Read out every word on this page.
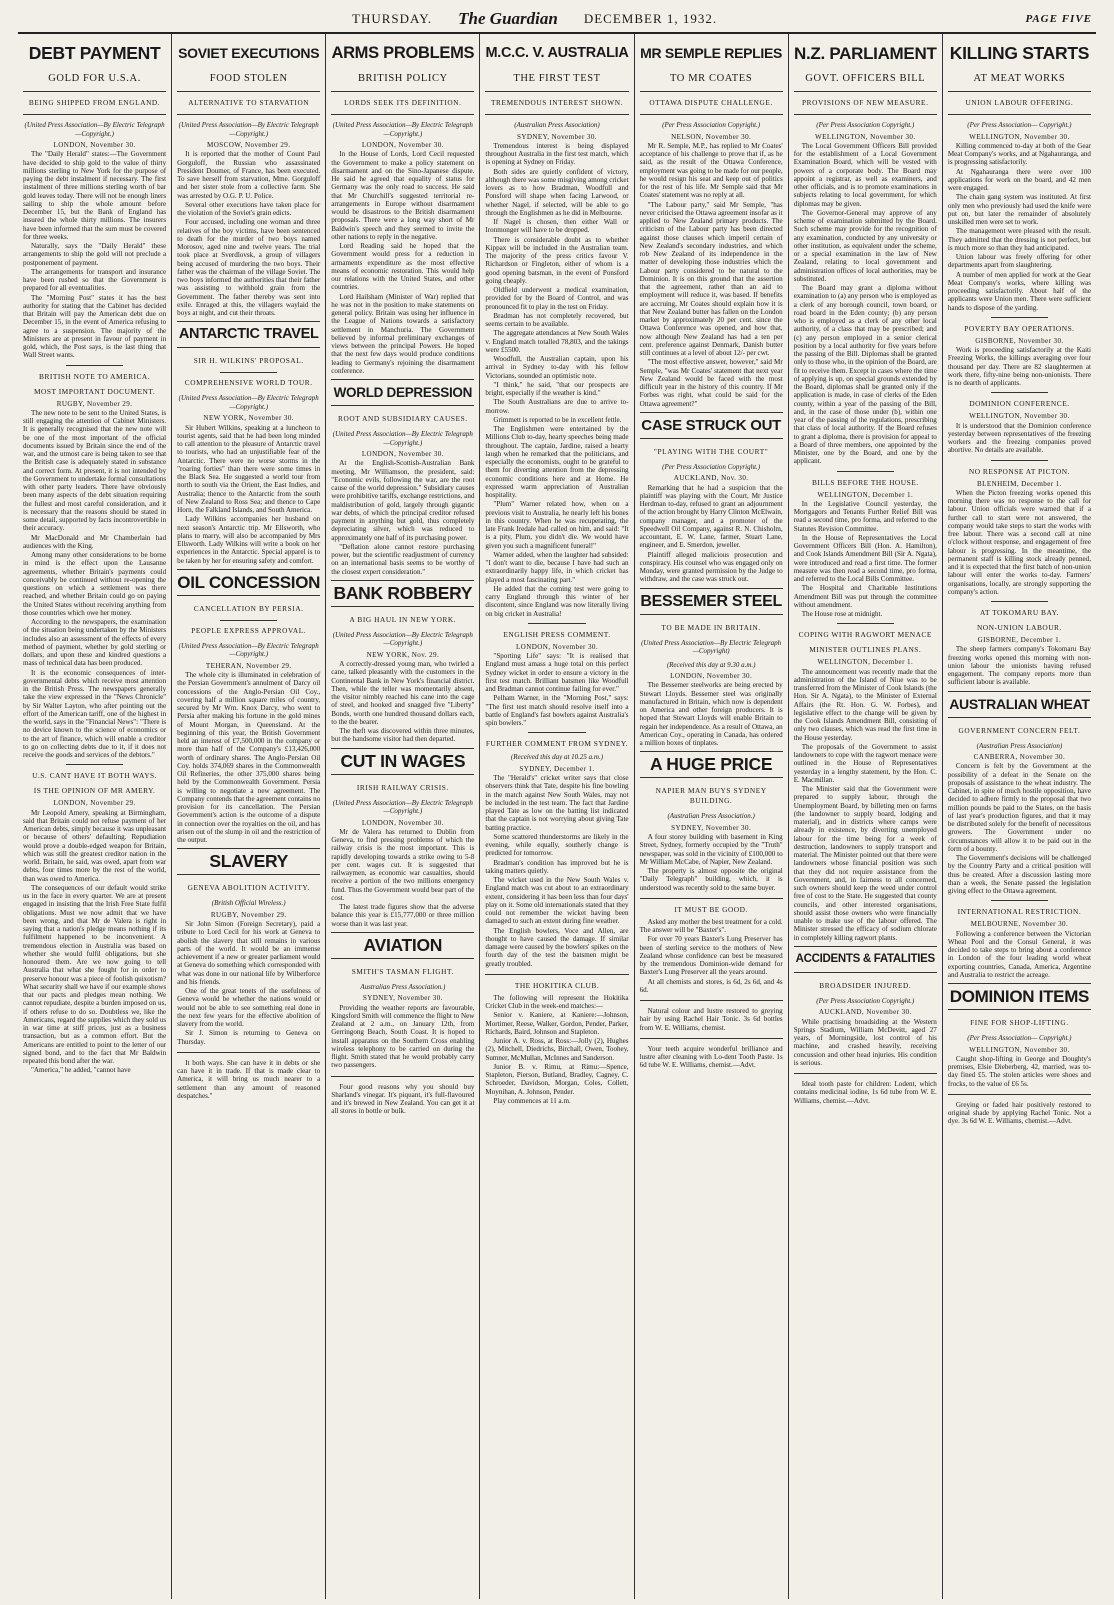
THURSDAY. The Guardian DECEMBER 1, 1932.	PAGE FIVE
DEBT PAYMENT
GOLD FOR U.S.A.
BEING SHIPPED FROM ENGLAND.
(United Press Association—By Electric Telegraph—Copyright.)
LONDON, November 30.

The "Daily Herald" states:—The Government have decided to ship gold to the value of thirty millions sterling to New York for the purpose of paying the debt instalment if necessary. The first instalment of three millions sterling worth of bar gold leaves today. There will not be enough liners sailing to ship the whole amount before December 15, but the Bank of England has insured the whole thirty millions. The insurers have been informed that the sum must be covered for three weeks.

Naturally, says the "Daily Herald" these arrangements to ship the gold will not preclude a postponement of payment.

The arrangements for transport and insurance have been rushed so that the Government is prepared for all eventualities.

The "Morning Post" states it has the best authority for stating that the Cabinet has decided that Britain will pay the American debt due on December 15, in the event of America refusing to agree to a suspension. The majority of the Ministers are at present in favour of payment in gold, which, the Post says, is the last thing that Wall Street wants.

BRITISH NOTE TO AMERICA.
MOST IMPORTANT DOCUMENT.
RUGBY, November 29.

The new note to be sent to the United States, is still engaging the attention of Cabinet Ministers. It is generally recognised that the new note will be one of the most important of the official documents issued by Britain since the end of the war, and the utmost care is being taken to see that the British case is adequately stated in substance and correct form. At present, it is not intended by the Government to undertake formal consultations with other party leaders. There have obviously been many aspects of the debt situation requiring the fullest and most careful consideration, and it is necessary that the reasons should be stated in some detail, supported by facts incontrovertible in their accuracy.

Mr MacDonald and Mr Chamberlain had audiences with the King.

Among many other considerations to be borne in mind is the effect upon the Lausanne agreements, whether Britain's payments could conceivably be continued without re-opening the questions on which a settlement was there reached, and whether Britain could go on paying the United States without receiving anything from those countries which owe her money.

According to the newspapers, the examination of the situation being undertaken by the Ministers includes also an assessment of the effects of every method of payment, whether by gold sterling or dollars, and upon these and kindred questions a mass of technical data has been produced.

It is the economic consequences of inter-governmental debts which receive most attention in the British Press. The newspapers generally take the view expressed in the "News Chronicle" by Sir Walter Layton, who after pointing out the effort of the American tariff, one of the highest in the world, says in the "Financial News": "There is no device known to the science of economics or to the art of finance, which will enable a creditor to go on collecting debts due to it, if it does not receive the goods and services of the debtors."

U.S. CANT HAVE IT BOTH WAYS.
IS THE OPINION OF MR AMERY.
LONDON, November 29.

Mr Leopold Amery, speaking at Birmingham, said that Britain could not refuse payment of her American debts, simply because it was unpleasant or because of others' defaulting. Repudiation would prove a double-edged weapon for Britain, which was still the greatest creditor nation in the world. Britain, he said, was owed, apart from war debts, four times more by the rest of the world, than was owed to America.

The consequences of our default would strike us in the face in every quarter. We are at present engaged in insisting that the Irish Free State fulfil obligations. Must we now admit that we have been wrong, and that Mr de Valera is right in saying that a nation's pledge means nothing if its fulfilment happened to be inconvenient. A tremendous election in Australia was based on whether she would fulfil obligations, but she honoured them. Are we now going to tell Australia that what she fought for in order to preserve honour was a piece of foolish quixotism? What security shall we have if our example shows that our pacts and pledges mean nothing. We cannot repudiate, despite a burden imposed on us, if others refuse to do so. Doubtless we, like the Americans, regard the supplies which they sold us in war time at stiff prices, just as a business transaction, but as a common effort. But the Americans are entitled to point to the letter of our signed bond, and to the fact that Mr Baldwin repeated this bond after the war.

"America," he added, "cannot have

SOVIET EXECUTIONS
FOOD STOLEN
ALTERNATIVE TO STARVATION
(United Press Association—By Electric Telegraph—Copyright.)
MOSCOW, November 29.

It is reported that the mother of Count Paul Gorguloff, the Russian who assassinated President Doumer, of France, has been executed. To save herself from starvation, Mme. Gorguloff and her sister stole from a collective farm. She was arrested by O.G. P. U. Police.

Several other executions have taken place for the violation of the Soviet's grain edicts.

Four accused, including one woman and three relatives of the boy victims, have been sentenced to death for the murder of two boys named Morosov, aged nine and twelve years. The trial took place at Sverdlovsk, a group of villagers being accused of murdering the two boys. Their father was the chairman of the village Soviet. The two boys informed the authorities that their father was assisting to withhold grain from the Government. The father thereby was sent into exile. Enraged at this, the villagers waylaid the boys at night, and cut their throats.

ANTARCTIC TRAVEL
SIR H. WILKINS' PROPOSAL.
COMPREHENSIVE WORLD TOUR.
(United Press Association—By Electric Telegraph—Copyright.)
NEW YORK, November 30.

Sir Hubert Wilkins, speaking at a luncheon to tourist agents, said that he had been long minded to call attention to the pleasure of Antarctic travel to tourists, who had an unjustifiable fear of the Antarctic. There were no worse storms in the "roaring forties" than there were some times in the Black Sea. He suggested a world tour from north to south via the Orient, the East Indies, and Australia; thence to the Antarctic from the south of New Zealand to Ross Sea; and thence to Cape Horn, the Falkland Islands, and South America.

Lady Wilkins accompanies her husband on next season's Antarctic trip. Mr Ellsworth, who plans to marry, will also be accompanied by Mrs Ellsworth. Lady Wilkins will write a book on her experiences in the Antarctic. Special apparel is to be taken by her for ensuring safety and comfort.

OIL CONCESSION
CANCELLATION BY PERSIA.
PEOPLE EXPRESS APPROVAL.
(United Press Association—By Electric Telegraph—Copyright.)
TEHERAN, November 29.

The whole city is illuminated in celebration of the Persian Government's annulment of Darcy oil concessions of the Anglo-Persian Oil Coy., covering half a million square miles of country, secured by Mr Wm. Knox Darcy, who went to Persia after making his fortune in the gold mines of Mount Morgan, in Queensland. At the beginning of this year, the British Government held an interest of £7,500,000 in the company or more than half of the Company's £13,426,000 worth of ordinary shares. The Anglo-Persian Oil Coy. holds 374,069 shares in the Commonwealth Oil Refineries, the other 375,000 shares being held by the Commonwealth Government. Persia is willing to negotiate a new agreement. The Company contends that the agreement contains no provision for its cancellation. The Persian Government's action is the outcome of a dispute in connection over the royalties on the oil, and has arisen out of the slump in oil and the restriction of the output.

SLAVERY
GENEVA ABOLITION ACTIVITY.
(British Official Wireless.)
RUGBY, November 29.

Sir John Simon (Foreign Secretary), paid a tribute to Lord Cecil for his work at Geneva to abolish the slavery that still remains in various parts of the world. It would be an immense achievement if a new or greater parliament would at Geneva do something which corresponded with what was done in our national life by Wilberforce and his friends.

One of the great tenets of the usefulness of Geneva would be whether the nations would or would not be able to see something real done in the next few years for the effective abolition of slavery from the world.

Sir J. Simon is returning to Geneva on Thursday.

It both ways. She can have it in debts or she can have it in trade. If that is made clear to America, it will bring us much nearer to a settlement than any amount of reasoned despatches."

ARMS PROBLEMS
BRITISH POLICY
LORDS SEEK ITS DEFINITION.
(United Press Association—By Electric Telegraph—Copyright.)
LONDON, November 30.

In the House of Lords, Lord Cecil requested the Government to make a policy statement on disarmament and on the Sino-Japanese dispute. He said he agreed that equality of status for Germany was the only road to success. He said that Mr Churchill's suggested territorial re-arrangements in Europe without disarmament would be disastrous to the British disarmament proposals. There were a long way short of Mr Baldwin's speech and they seemed to invite the other nations to reply in the negative.

Lord Reading said he hoped that the Government would press for a reduction in armaments expenditure as the most effective means of economic restoration. This would help our relations with the United States, and other countries.

Lord Hailsham (Minister of War) replied that he was not in the position to make statements on general policy. Britain was using her influence in the League of Nations towards a satisfactory settlement in Manchuria. The Government believed by informal preliminary exchanges of views between the principal Powers. He hoped that the next few days would produce conditions leading to Germany's rejoining the disarmament conference.

WORLD DEPRESSION
ROOT AND SUBSIDIARY CAUSES.
(United Press Association—By Electric Telegraph—Copyright.)
LONDON, November 30.

At the English-Scottish-Australian Bank meeting, Mr Williamson, the president, said: "Economic evils, following the war, are the root cause of the world depression." Subsidiary causes were prohibitive tariffs, exchange restrictions, and maldistribution of gold, largely through gigantic war debts, of which the principal creditor refused payment in anything but gold, thus completely depreciating silver, which was reduced to approximately one half of its purchasing power.

"Deflation alone cannot restore purchasing power, but the scientific readjustment of currency on an international basis seems to be worthy of the closest expert consideration."

BANK ROBBERY
A BIG HAUL IN NEW YORK.
(United Press Association—By Electric Telegraph—Copyright.)
NEW YORK, Nov. 29.

A correctly-dressed young man, who twirled a cane, talked pleasantly with the customers in the Continental Bank in New York's financial district. Then, while the teller was momentarily absent, the visitor nimbly reached his cane into the cage of steel, and hooked and snagged five "Liberty" Bonds, worth one hundred thousand dollars each, to the the bearer.

The theft was discovered within three minutes, but the handsome visitor had then departed.

CUT IN WAGES
IRISH RAILWAY CRISIS.
(United Press Association—By Electric Telegraph—Copyright.)
LONDON, November 30.

Mr de Valera has returned to Dublin from Geneva, to find pressing problems of which the railway crisis is the most important. This is rapidly developing towards a strike owing to 5-8 per cent. wages cut. It is suggested that railwaymen, as economic war casualties, should receive a portion of the two millions emergency fund. Thus the Government would bear part of the cost.

The latest trade figures show that the adverse balance this year is £15,777,000 or three million worse than it was last year.

AVIATION
SMITH'S TASMAN FLIGHT.
Australian Press Association.)
SYDNEY, November 30.

Providing the weather reports are favourable, Kingsford Smith will commence the flight to New Zealand at 2 a.m., on January 12th, from Gerringong Beach, South Coast. It is hoped to install apparatus on the Southern Cross enabling wireless telephony to be carried on during the flight. Smith stated that he would probably carry two passengers.

Four good reasons why you should buy Sharland's vinegar. It's piquant, it's full-flavoured and it's brewed in New Zealand. You can get it at all stores in bottle or bulk.

M.C.C. V. AUSTRALIA
THE FIRST TEST
TREMENDOUS INTEREST SHOWN.
(Australian Press Association)
SYDNEY, November 30.

Tremendous interest is being displayed throughout Australia in the first test match, which is opening at Sydney on Friday.

Both sides are quietly confident of victory, although there was some misgiving among cricket lovers as to how Bradman, Woodfull and Ponsford will shape when facing Larwood, or whether Nagel, if selected, will be able to go through the Englishmen as he did in Melbourne.

If Nagel is chosen, then either Wall or Ironmonger will have to be dropped.

There is considerable doubt as to whether Kippax will be included in the Australian team. The majority of the press critics favour V. Richardson or Fingleton, either of whom is a good opening batsman, in the event of Ponsford going cheaply.

Oldfield underwent a medical examination, provided for by the Board of Control, and was pronounced fit to play in the test on Friday.

Bradman has not completely recovered, but seems certain to be available.

The aggregate attendances at New South Wales v. England match totalled 78,803, and the takings were £5500.

Woodfull, the Australian captain, upon his arrival in Sydney to-day with his fellow Victorians, sounded an optimistic note.

"I think," he said, "that our prospects are bright, especially if the weather is kind."

The South Australians are due to arrive to-morrow.

Grimmett is reported to be in excellent fettle.

The Englishmen were entertained by the Millions Club to-day, hearty speeches being made throughout. The captain, Jardine, raised a hearty laugh when he remarked that the politicians, and especially the economists, ought to be grateful to them for diverting attention from the depressing economic conditions here and at Home. He expressed warm appreciation of Australian hospitality.

"Plum" Warner related how, when on a previous visit to Australia, he nearly left his bones in this country. When he was recuperating, the late Frank Iredale had called on him, and said: "It is a pity, Plum, you didn't die. We would have given you such a magnificent funeral!"

Warner added, when the laughter had subsided: "I don't want to die, because I have had such an extraordinarily happy life, in which cricket has played a most fascinating part."

He added that the coming test were going to carry England through this winter of her discontent, since England was now literally living on big cricket in Australia!

ENGLISH PRESS COMMENT.
LONDON, November 30.

"Sporting Life" says: "It is realised that England must amass a huge total on this perfect Sydney wicket in order to ensure a victory in the first test match. Brilliant batsmen like Woodfull and Bradman cannot continue failing for ever."

Pelham Warner, in the "Morning Post," says: "The first test match should resolve itself into a battle of England's fast bowlers against Australia's spin bowlers."

FURTHER COMMENT FROM SYDNEY.
(Received this day at 10.25 a.m.)
SYDNEY, December 1.

The "Herald's" cricket writer says that close observers think that Tate, despite his fine bowling in the match against New South Wales, may not be included in the test team. The fact that Jardine played Tate as low on the batting list indicated that the captain is not worrying about giving Tate batting practice.

Some scattered thunderstorms are likely in the evening, while equally, southerly change is predicted for tomorrow.

Bradman's condition has improved but he is taking matters quietly.

The wicket used in the New South Wales v. England match was cut about to an extraordinary extent, considering it has been less than four days' play on it. Some old internationals stated that they could not remember the wicket having been damaged to such an extent during fine weather.

The English bowlers, Voce and Allen, are thought to have caused the damage. If similar damage were caused by the bowlers' spikes on the fourth day of the test the batsmen might be greatly troubled.

THE HOKITIKA CLUB.

The following will represent the Hokitika Cricket Club in the week-end matches:—

Senior v. Kaniere, at Kaniere:—Johnson, Mortimer, Reese, Walker, Gordon, Pender, Parker, Richards, Baird, Johnson and Stapleton.

Junior A. v. Ross, at Ross:—Jolly (2), Hughes (2), Mitchell, Diedrichs, Birchall, Owen, Toohey, Sumner, McMullan, McInnes and Sanderson.

Junior B. v. Rimu, at Rimu:—Spence, Stapleton, Pierson, Butland, Bradley, Cagney, C. Schroeder, Davidson, Morgan, Coles, Collett, Moynihan, A. Johnson, Pender.

Play commences at 11 a.m.

MR SEMPLE REPLIES
TO MR COATES
OTTAWA DISPUTE CHALLENGE.
(Per Press Association Copyright.)
NELSON, November 30.

Mr R. Semple, M.P., has replied to Mr Coates' acceptance of his challenge to prove that if, as he said, as the result of the Ottawa Conference, employment was going to be made for our people, he would resign his seat and keep out of politics for the rest of his life. Mr Semple said that Mr Coates' statement was no reply at all.

"The Labour party," said Mr Semple, "has never criticised the Ottawa agreement insofar as it applied to New Zealand primary products. The criticism of the Labour party has been directed against those clauses which imperil certain of New Zealand's secondary industries, and which rob New Zealand of its independence in the matter of developing those industries which the Labour party considered to be natural to the Dominion. It is on this ground that the assertion that the agreement, rather than an aid to employment will reduce it, was based. If benefits are accruing, Mr Coates should explain how it is that New Zealand butter has fallen on the London market by approximately 20 per cent. since the Ottawa Conference was opened, and how that, now although New Zealand has had a ten per cent. preference against Denmark, Danish butter still continues at a level of about 12/- per cwt.

"The most effective answer, however," said Mr Semple, "was Mr Coates' statement that next year New Zealand would be faced with the most difficult year in the history of this country. If Mr Forbes was right, what could be said for the Ottawa agreement?"

CASE STRUCK OUT
"PLAYING WITH THE COURT"
(Per Press Association Copyright.)
AUCKLAND, Nov. 30.

Remarking that he had a suspicion that the plaintiff was playing with the Court, Mr Justice Herdman to-day, refused to grant an adjournment of the action brought by Harry Clinton McElwain, company manager, and a promoter of the Speedwell Oil Company, against R. N. Chisholm, accountant, E. W. Lane, farmer, Stuart Lane, engineer, and E. Smerdon, jeweller.

Plaintiff alleged malicious prosecution and conspiracy. His counsel who was engaged only on Monday, were granted permission by the Judge to withdraw, and the case was struck out.

BESSEMER STEEL
TO BE MADE IN BRITAIN.
(United Press Association—By Electric Telegraph—Copyright)
(Received this day at 9.30 a.m.)
LONDON, November 30.

The Bessemer steelworks are being erected by Stewart Lloyds. Bessemer steel was originally manufactured in Britain, which now is dependent on America and other foreign producers. It is hoped that Stewart Lloyds will enable Britain to regain her independence. As a result of Ottawa, an American Coy., operating in Canada, has ordered a million boxes of tinplates.

A HUGE PRICE
NAPIER MAN BUYS SYDNEY BUILDING.
(Australian Press Association.)
SYDNEY, November 30.

A four storey building with basement in King Street, Sydney, formerly occupied by the "Truth" newspaper, was sold in the vicinity of £100,000 to Mr William McCabe, of Napier, New Zealand.

The property is almost opposite the original "Daily Telegraph" building, which, it is understood was recently sold to the same buyer.

IT MUST BE GOOD.

Asked any mother the best treatment for a cold. The answer will be "Baxter's".

For over 70 years Baxter's Lung Preserver has been of sterling service to the mothers of New Zealand whose confidence can best be measured by the tremendous Dominion-wide demand for Baxter's Lung Preserver all the years around.

At all chemists and stores, is 6d, 2s 6d, and 4s 6d.

Natural colour and lustre restored to greying hair by using Rachel Hair Tonic. 3s 6d bottles from W. E. Williams, chemist.

Your teeth acquire wonderful brilliance and lustre after cleaning with Lo-dent Tooth Paste. 1s 6d tube W. E. Williams, chemist.—Advt.

N.Z. PARLIAMENT
GOVT. OFFICERS BILL
PROVISIONS OF NEW MEASURE.
(Per Press Association Copyright.)
WELLINGTON, November 30.

The Local Government Officers Bill provided for the establishment of a Local Government Examination Board, which will be vested with powers of a corporate body. The Board may appoint a registrar, as well as examiners, and other officials, and is to promote examinations in subjects relating to local government, for which diplomas may be given.

The Governor-General may approve of any scheme of examination submitted by the Board. Such scheme may provide for the recognition of any examination, conducted by any university or other institution, as equivalent under the scheme, or a special examination in the law of New Zealand, relating to local government and administration offices of local authorities, may be substituted.

The Board may grant a diploma without examination to (a) any person who is employed as a clerk of any borough council, town board, or road board in the Eden county; (b) any person who is employed as a clerk of any other local authority, of a class that may be prescribed; and (c) any person employed in a senior clerical position by a local authority for five years before the passing of the Bill. Diplomas shall be granted only to those who, in the opinion of the Board, are fit to receive them. Except in cases where the time of applying is up, on special grounds extended by the Board, diplomas shall be granted only if the application is made, in case of clerks of the Eden county, within a year of the passing of the Bill, and, in the case of those under (b), within one year of the passing of the regulations, prescribing that class of local authority. If the Board refuses to grant a diploma, there is provision for appeal to a Board of three members, one appointed by the Minister, one by the Board, and one by the applicant.

BILLS BEFORE THE HOUSE.
WELLINGTON, December 1.

In the Legislative Council yesterday, the Mortgagors and Tenants Further Relief Bill was read a second time, pro forma, and referred to the Statutes Revision Committee.

In the House of Representatives the Local Government Officers Bill (Hon. A. Hamilton), and Cook Islands Amendment Bill (Sir A. Ngata), were introduced and read a first time. The former measure was then read a second time, pro forma, and referred to the Local Bills Committee.

The Hospital and Charitable Institutions Amendment Bill was put through the committee without amendment.

The House rose at midnight.

COPING WITH RAGWORT MENACE
MINISTER OUTLINES PLANS.
WELLINGTON, December 1.

The announcement was recently made that the administration of the Island of Niue was to be transferred from the Minister of Cook Islands (the Hon. Sir A. Ngata), to the Minister of External Affairs (the Rt. Hon. G. W. Forbes), and legislative effect to the change will be given by the Cook Islands Amendment Bill, consisting of only two clauses, which was read the first time in the House yesterday.

The proposals of the Government to assist landowners to cope with the ragwort menace were outlined in the House of Representatives yesterday in a lengthy statement, by the Hon. C. E. Macmillan.

The Minister said that the Government were prepared to supply labour, through the Unemployment Board, by billeting men on farms (the landowner to supply board, lodging and material), and in districts where camps were already in existence, by diverting unemployed labour for the time being for a week of destruction, landowners to supply transport and material. The Minister pointed out that there were landowners whose financial position was such that they did not require assistance from the Government, and, in fairness to all concerned, such owners should keep the weed under control free of cost to the State. He suggested that county councils, and other interested organisations, should assist those owners who were financially unable to make use of the labour offered. The Minister stressed the efficacy of sodium chlorate in completely killing ragwort plants.

ACCIDENTS & FATALITIES
BROADSIDER INJURED.
(Per Press Association Copyright.)
AUCKLAND, November 30.

While practising broadsiding at the Western Springs Stadium, William McDevitt, aged 27 years, of Morningside, lost control of his machine, and crashed heavily, receiving concussion and other head injuries. His condition is serious.

Ideal tooth paste for children: Lodent, which contains medicinal iodine, 1s 6d tube from W. E. Williams, chemist.—Advt.

KILLING STARTS
AT MEAT WORKS
UNION LABOUR OFFERING.
(Per Press Association— Copyright.)
WELLINGTON, November 30.

Killing commenced to-day at both of the Gear Meat Company's works, and at Ngahauranga, and is progressing satisfactorily.

At Ngahauranga there were over 100 applications for work on the board, and 42 men were engaged.

The chain gang system was instituted. At first only men who previously had used the knife were put on, but later the remainder of absolutely unskilled men were set to work.

The management were pleased with the result. They admitted that the dressing is not perfect, but is much more so than they had anticipated.

Union labour was freely offering for other departments apart from slaughtering.

A number of men applied for work at the Gear Meat Company's works, where killing was proceeding satisfactorily. About half of the applicants were Union men. There were sufficient hands to dispose of the yarding.

POVERTY BAY OPERATIONS.
GISBORNE, November 30.

Work is proceeding satisfactorily at the Kaiti Freezing Works, the killings averaging over four thousand per day. There are 82 slaughtermen at work there, fifty-nine being non-unionists. There is no dearth of applicants.

DOMINION CONFERENCE.
WELLINGTON, November 30.

It is understood that the Dominion conference yesterday between representatives of the freezing workers and the freezing companies proved abortive. No details are available.

NO RESPONSE AT PICTON.
BLENHEIM, December 1.

When the Picton freezing works opened this morning there was no response to the call for labour. Union officials were warned that if a further call to start were not answered, the company would take steps to start the works with free labour. There was a second call at nine o'clock without response, and engagement of free labour is progressing. In the meantime, the permanent staff is killing stock already penned, and it is expected that the first batch of non-union labour will enter the works to-day. Farmers' organisations, locally, are strongly supporting the company's action.

AT TOKOMARU BAY.
NON-UNION LABOUR.
GISBORNE, December 1.

The sheep farmers company's Tokomaru Bay freezing works opened this morning with non-union labour the unionists having refused engagement. The company reports more than sufficient labour is available.

AUSTRALIAN WHEAT
GOVERNMENT CONCERN FELT.
(Australian Press Association)
CANBERRA, November 30.

Concern is felt by the Government at the possibility of a defeat in the Senate on the proposals of assistance to the wheat industry. The Cabinet, in spite of much hostile opposition, have decided to adhere firmly to the proposal that two million pounds be paid to the States, on the basis of last year's production figures, and that it may be distributed solely for the benefit of necessitous growers. The Government under no circumstances will allow it to be paid out in the form of a bounty.

The Government's decisions will be challenged by the Country Party and a critical position will thus be created. After a discussion lasting more than a week, the Senate passed the legislation giving effect to the Ottawa agreement.

INTERNATIONAL RESTRICTION.
MELBOURNE, November 30.

Following a conference between the Victorian Wheat Pool and the Consul General, it was decided to take steps to bring about a conference in London of the four leading world wheat exporting countries, Canada, America, Argentine and Australia to restrict the acreage.

DOMINION ITEMS
FINE FOR SHOP-LIFTING.
(Per Press Association— Copyright.)
WELLINGTON, November 30.

Caught shop-lifting in George and Doughty's premises, Elsie Dieberberg, 42, married, was to-day fined £5. The stolen articles were shoes and frocks, to the value of £6 5s.

Greying or faded hair positively restored to original shade by applying Rachel Tonic. Not a dye. 3s 6d W. E. Williams, chemist.—Advt.
